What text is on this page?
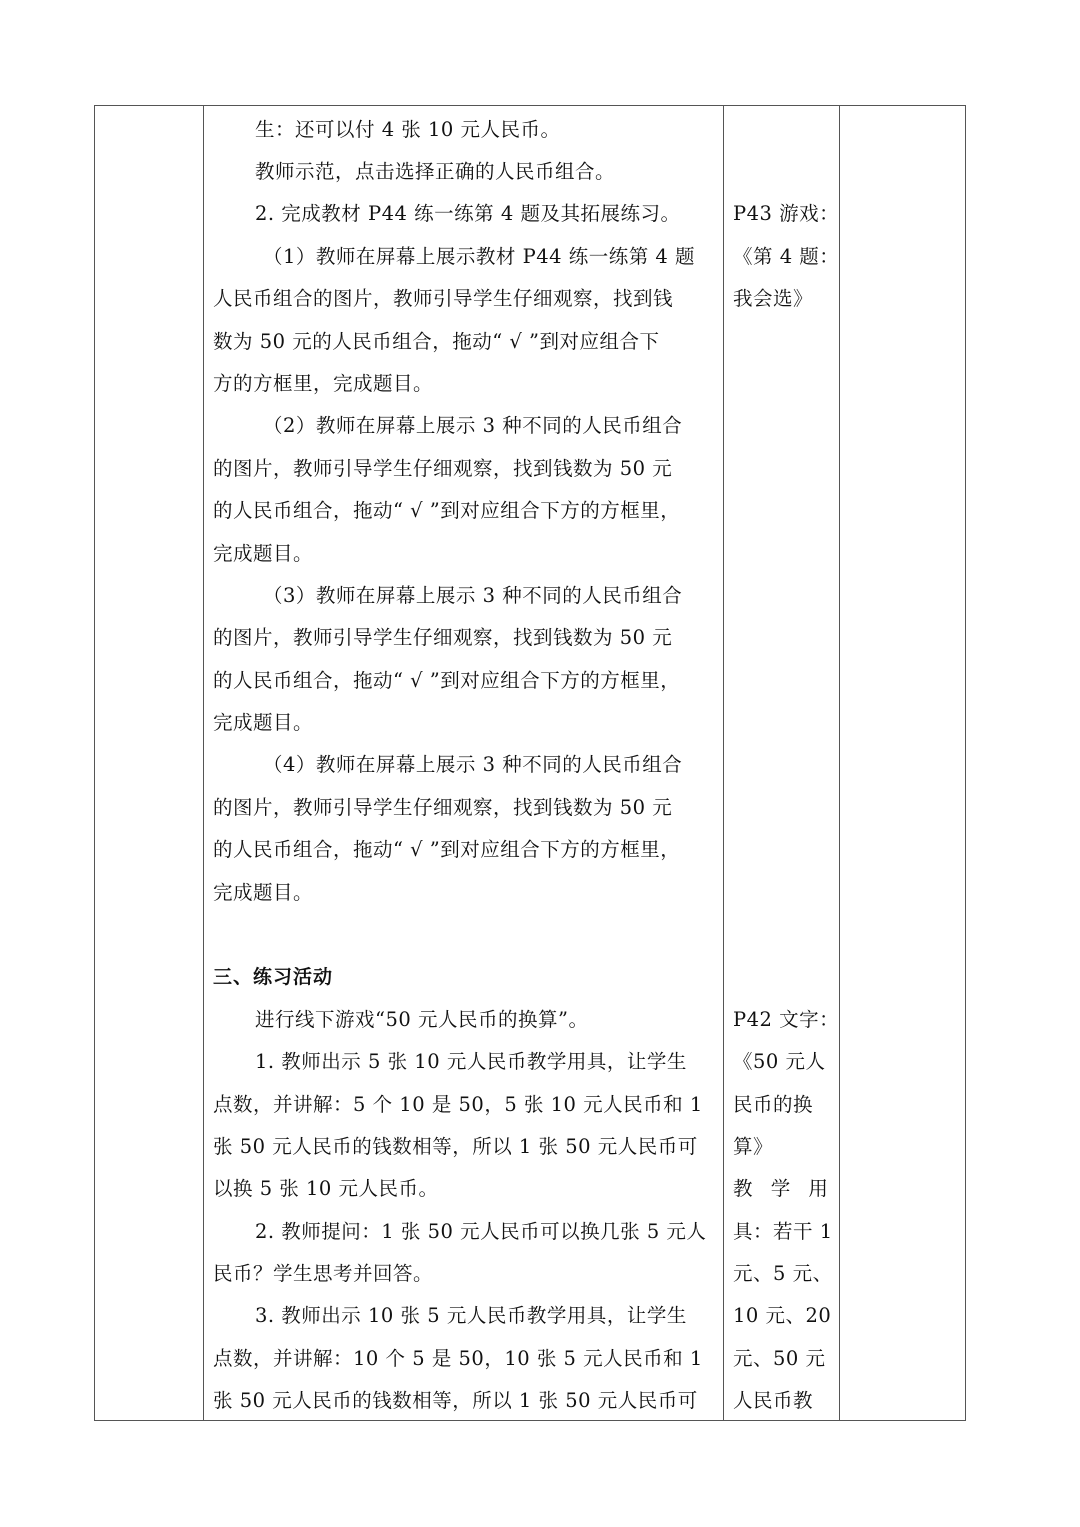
生：还可以付 4 张 10 元人民币。
教师示范，点击选择正确的人民币组合。
2. 完成教材 P44 练一练第 4 题及其拓展练习。
（1）教师在屏幕上展示教材 P44 练一练第 4 题
人民币组合的图片，教师引导学生仔细观察，找到钱
数为 50 元的人民币组合，拖动“ √ ”到对应组合下
方的方框里，完成题目。
（2）教师在屏幕上展示 3 种不同的人民币组合
的图片，教师引导学生仔细观察，找到钱数为 50 元
的人民币组合，拖动“ √ ”到对应组合下方的方框里，
完成题目。
（3）教师在屏幕上展示 3 种不同的人民币组合
的图片，教师引导学生仔细观察，找到钱数为 50 元
的人民币组合，拖动“ √ ”到对应组合下方的方框里，
完成题目。
（4）教师在屏幕上展示 3 种不同的人民币组合
的图片，教师引导学生仔细观察，找到钱数为 50 元
的人民币组合，拖动“ √ ”到对应组合下方的方框里，
完成题目。
三、练习活动
进行线下游戏“50 元人民币的换算”。
1. 教师出示 5 张 10 元人民币教学用具，让学生
点数，并讲解：5 个 10 是 50，5 张 10 元人民币和 1
张 50 元人民币的钱数相等，所以 1 张 50 元人民币可
以换 5 张 10 元人民币。
2. 教师提问：1 张 50 元人民币可以换几张 5 元人
民币？学生思考并回答。
3. 教师出示 10 张 5 元人民币教学用具，让学生
点数，并讲解：10 个 5 是 50，10 张 5 元人民币和 1
张 50 元人民币的钱数相等，所以 1 张 50 元人民币可
P43 游戏：
《第 4 题：
我会选》
P42 文字：
《50 元人
民币的换
算》
教 学 用
具：若干 1
元、5 元、
10 元、20
元、50 元
人民币教
